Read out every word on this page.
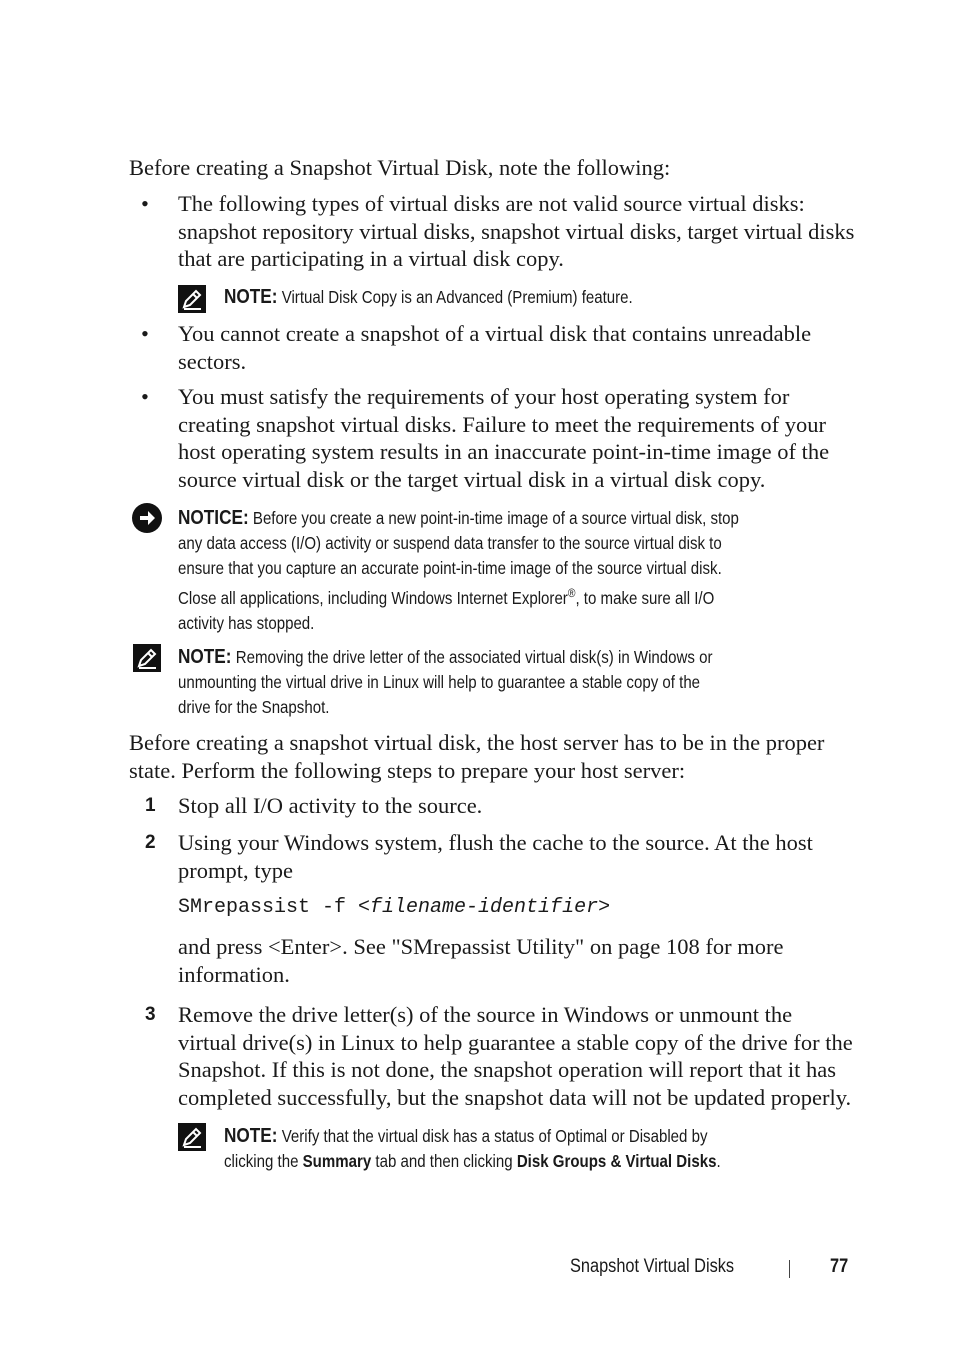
Before creating a Snapshot Virtual Disk, note the following:
• The following types of virtual disks are not valid source virtual disks:
snapshot repository virtual disks, snapshot virtual disks, target virtual disks
that are participating in a virtual disk copy.
NOTE: Virtual Disk Copy is an Advanced (Premium) feature.
• You cannot create a snapshot of a virtual disk that contains unreadable
sectors.
• You must satisfy the requirements of your host operating system for
creating snapshot virtual disks. Failure to meet the requirements of your
host operating system results in an inaccurate point-in-time image of the
source virtual disk or the target virtual disk in a virtual disk copy.
NOTICE: Before you create a new point-in-time image of a source virtual disk, stop
any data access (I/O) activity or suspend data transfer to the source virtual disk to
ensure that you capture an accurate point-in-time image of the source virtual disk.
Close all applications, including Windows Internet Explorer®, to make sure all I/O
activity has stopped.
NOTE: Removing the drive letter of the associated virtual disk(s) in Windows or
unmounting the virtual drive in Linux will help to guarantee a stable copy of the
drive for the Snapshot.
Before creating a snapshot virtual disk, the host server has to be in the proper
state. Perform the following steps to prepare your host server:
1 Stop all I/O activity to the source.
2 Using your Windows system, flush the cache to the source. At the host
prompt, type
SMrepassist -f <filename-identifier>
and press <Enter>. See "SMrepassist Utility" on page 108 for more
information.
3 Remove the drive letter(s) of the source in Windows or unmount the
virtual drive(s) in Linux to help guarantee a stable copy of the drive for the
Snapshot. If this is not done, the snapshot operation will report that it has
completed successfully, but the snapshot data will not be updated properly.
NOTE: Verify that the virtual disk has a status of Optimal or Disabled by
clicking the Summary tab and then clicking Disk Groups & Virtual Disks.
Snapshot Virtual Disks	77
